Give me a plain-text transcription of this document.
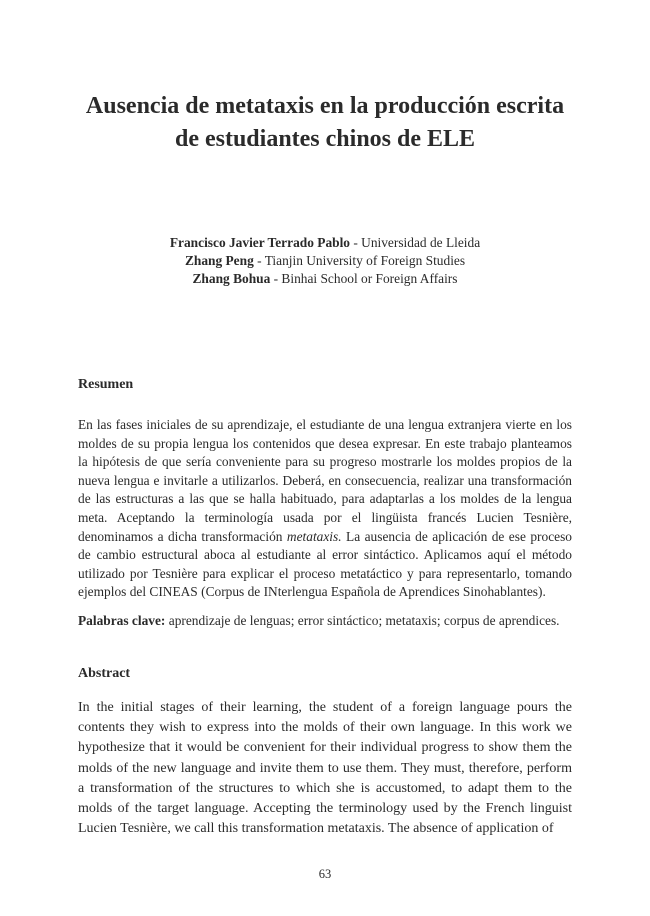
Ausencia de metataxis en la producción escrita
de estudiantes chinos de ELE
Francisco Javier Terrado Pablo - Universidad de Lleida
Zhang Peng - Tianjin University of Foreign Studies
Zhang Bohua - Binhai School or Foreign Affairs
Resumen

En las fases iniciales de su aprendizaje, el estudiante de una lengua extranjera vierte en los moldes de su propia lengua los contenidos que desea expresar. En este trabajo planteamos la hipótesis de que sería conveniente para su progreso mostrarle los moldes propios de la nueva lengua e invitarle a utilizarlos. Deberá, en consecuencia, realizar una transformación de las estructuras a las que se halla habituado, para adaptarlas a los moldes de la lengua meta. Aceptando la terminología usada por el lingüista francés Lucien Tesnière, denominamos a dicha transformación metataxis. La ausencia de aplicación de ese proceso de cambio estructural aboca al estudiante al error sintáctico. Aplicamos aquí el método utilizado por Tesnière para explicar el proceso metatáctico y para representarlo, tomando ejemplos del CINEAS (Corpus de INterlengua Española de Aprendices Sinohablantes).

Palabras clave: aprendizaje de lenguas; error sintáctico; metataxis; corpus de aprendices.
Abstract

In the initial stages of their learning, the student of a foreign language pours the contents they wish to express into the molds of their own language. In this work we hypothesize that it would be convenient for their individual progress to show them the molds of the new language and invite them to use them. They must, therefore, perform a transformation of the structures to which she is accustomed, to adapt them to the molds of the target language. Accepting the terminology used by the French linguist Lucien Tesnière, we call this transformation metataxis. The absence of application of

63
